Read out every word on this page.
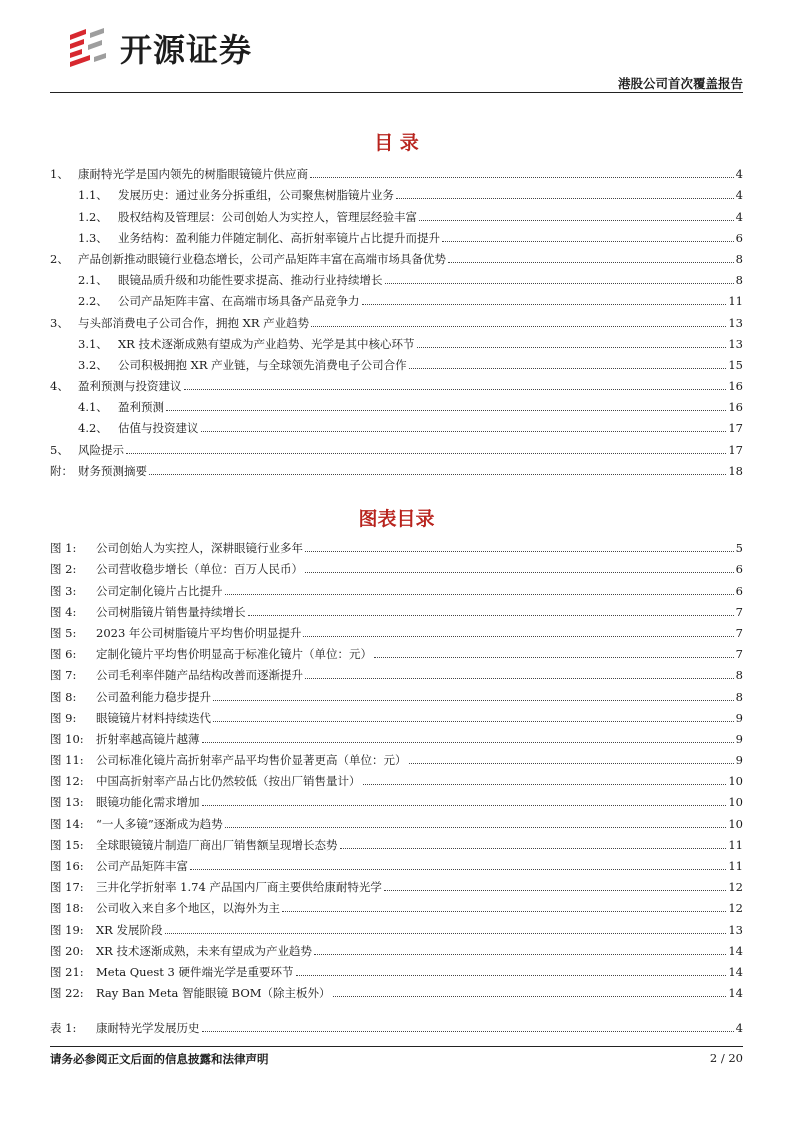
开源证券
港股公司首次覆盖报告
目 录
1、 康耐特光学是国内领先的树脂眼镜镜片供应商	4
1.1、 发展历史：通过业务分拆重组，公司聚焦树脂镜片业务	4
1.2、 股权结构及管理层：公司创始人为实控人，管理层经验丰富	4
1.3、 业务结构：盈利能力伴随定制化、高折射率镜片占比提升而提升	6
2、 产品创新推动眼镜行业稳态增长，公司产品矩阵丰富在高端市场具备优势	8
2.1、 眼镜品质升级和功能性要求提高、推动行业持续增长	8
2.2、 公司产品矩阵丰富、在高端市场具备产品竞争力	11
3、 与头部消费电子公司合作，拥抱 XR 产业趋势	13
3.1、 XR 技术逐渐成熟有望成为产业趋势、光学是其中核心环节	13
3.2、 公司积极拥抱 XR 产业链，与全球领先消费电子公司合作	15
4、 盈利预测与投资建议	16
4.1、 盈利预测	16
4.2、 估值与投资建议	17
5、 风险提示	17
附： 财务预测摘要	18
图表目录
图 1:	公司创始人为实控人，深耕眼镜行业多年	5
图 2:	公司营收稳步增长（单位：百万人民币）	6
图 3:	公司定制化镜片占比提升	6
图 4:	公司树脂镜片销售量持续增长	7
图 5:	2023 年公司树脂镜片平均售价明显提升	7
图 6:	定制化镜片平均售价明显高于标准化镜片（单位：元）	7
图 7:	公司毛利率伴随产品结构改善而逐渐提升	8
图 8:	公司盈利能力稳步提升	8
图 9:	眼镜镜片材料持续迭代	9
图 10:	折射率越高镜片越薄	9
图 11:	公司标准化镜片高折射率产品平均售价显著更高（单位：元）	9
图 12:	中国高折射率产品占比仍然较低（按出厂销售量计）	10
图 13:	眼镜功能化需求增加	10
图 14:	“一人多镜”逐渐成为趋势	10
图 15:	全球眼镜镜片制造厂商出厂销售额呈现增长态势	11
图 16:	公司产品矩阵丰富	11
图 17:	三井化学折射率 1.74 产品国内厂商主要供给康耐特光学	12
图 18:	公司收入来自多个地区，以海外为主	12
图 19:	XR 发展阶段	13
图 20:	XR 技术逐渐成熟，未来有望成为产业趋势	14
图 21:	Meta Quest 3 硬件端光学是重要环节	14
图 22:	Ray Ban Meta 智能眼镜 BOM（除主板外）	14
表 1:	康耐特光学发展历史	4
请务必参阅正文后面的信息披露和法律声明	2 / 20
